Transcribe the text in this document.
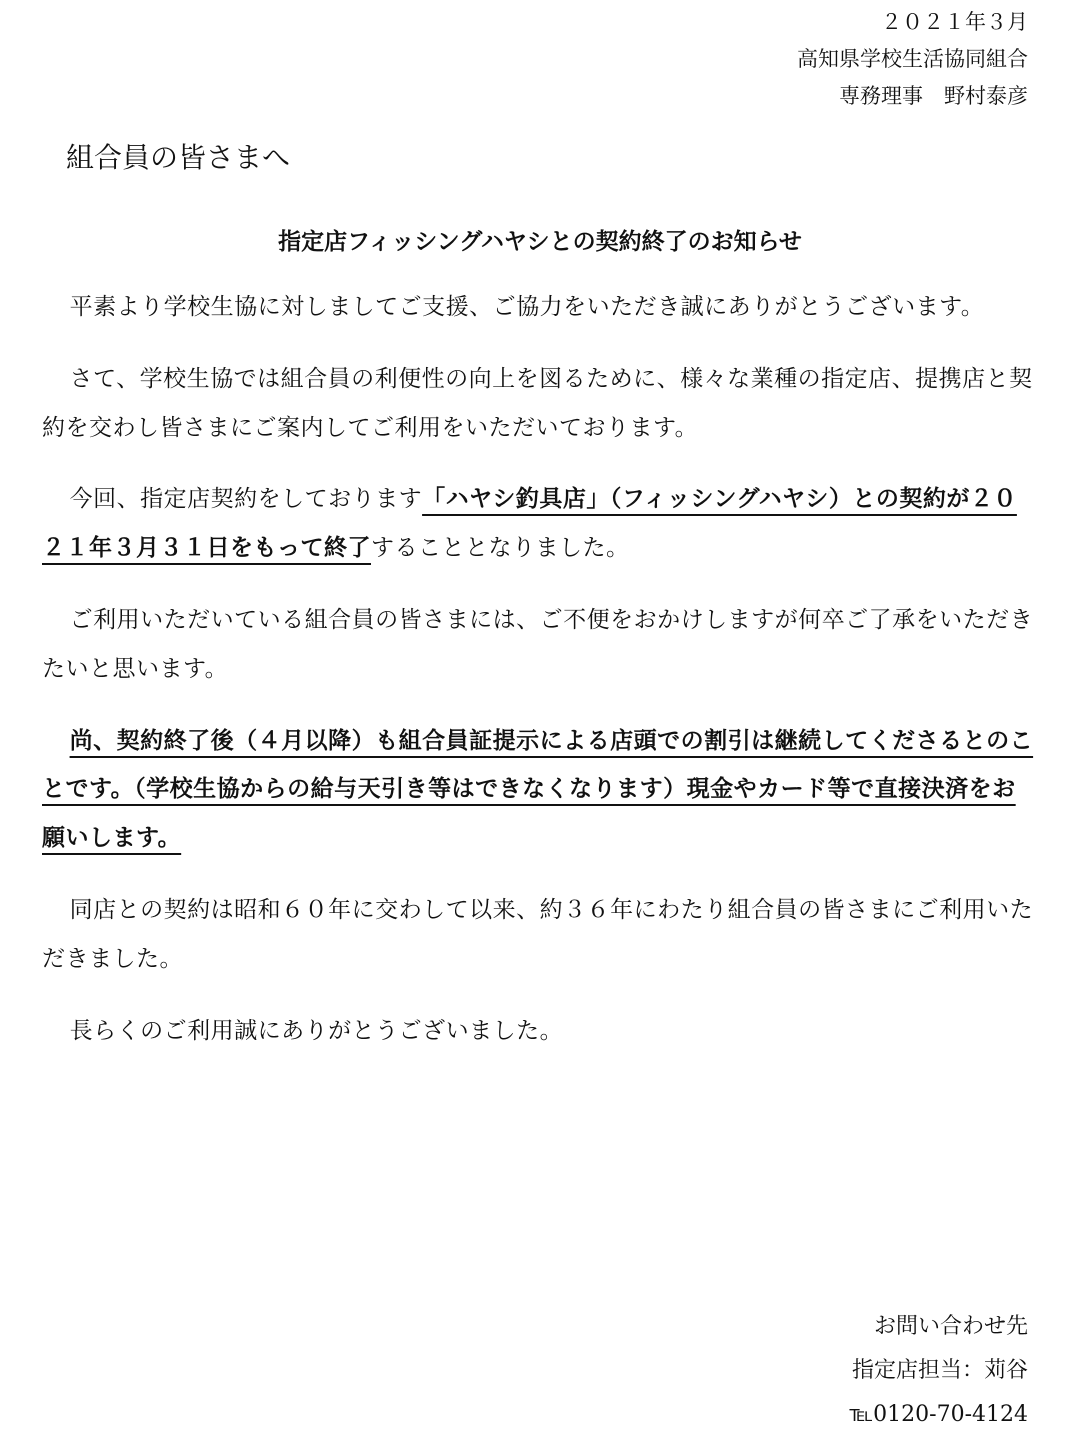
２０２１年３月
高知県学校生活協同組合
専務理事　野村泰彦
組合員の皆さまへ
指定店フィッシングハヤシとの契約終了のお知らせ

平素より学校生協に対しましてご支援、ご協力をいただき誠にありがとうございます。

さて、学校生協では組合員の利便性の向上を図るために、様々な業種の指定店、提携店と契約を交わし皆さまにご案内してご利用をいただいております。

今回、指定店契約をしております「ハヤシ釣具店」（フィッシングハヤシ）との契約が２０２１年３月３１日をもって終了することとなりました。

ご利用いただいている組合員の皆さまには、ご不便をおかけしますが何卒ご了承をいただきたいと思います。

尚、契約終了後（４月以降）も組合員証提示による店頭での割引は継続してくださるとのことです。（学校生協からの給与天引き等はできなくなります）現金やカード等で直接決済をお願いします。

同店との契約は昭和６０年に交わして以来、約３６年にわたり組合員の皆さまにご利用いただきました。

長らくのご利用誠にありがとうございました。

お問い合わせ先
指定店担当：苅谷
℡0120-70-4124
